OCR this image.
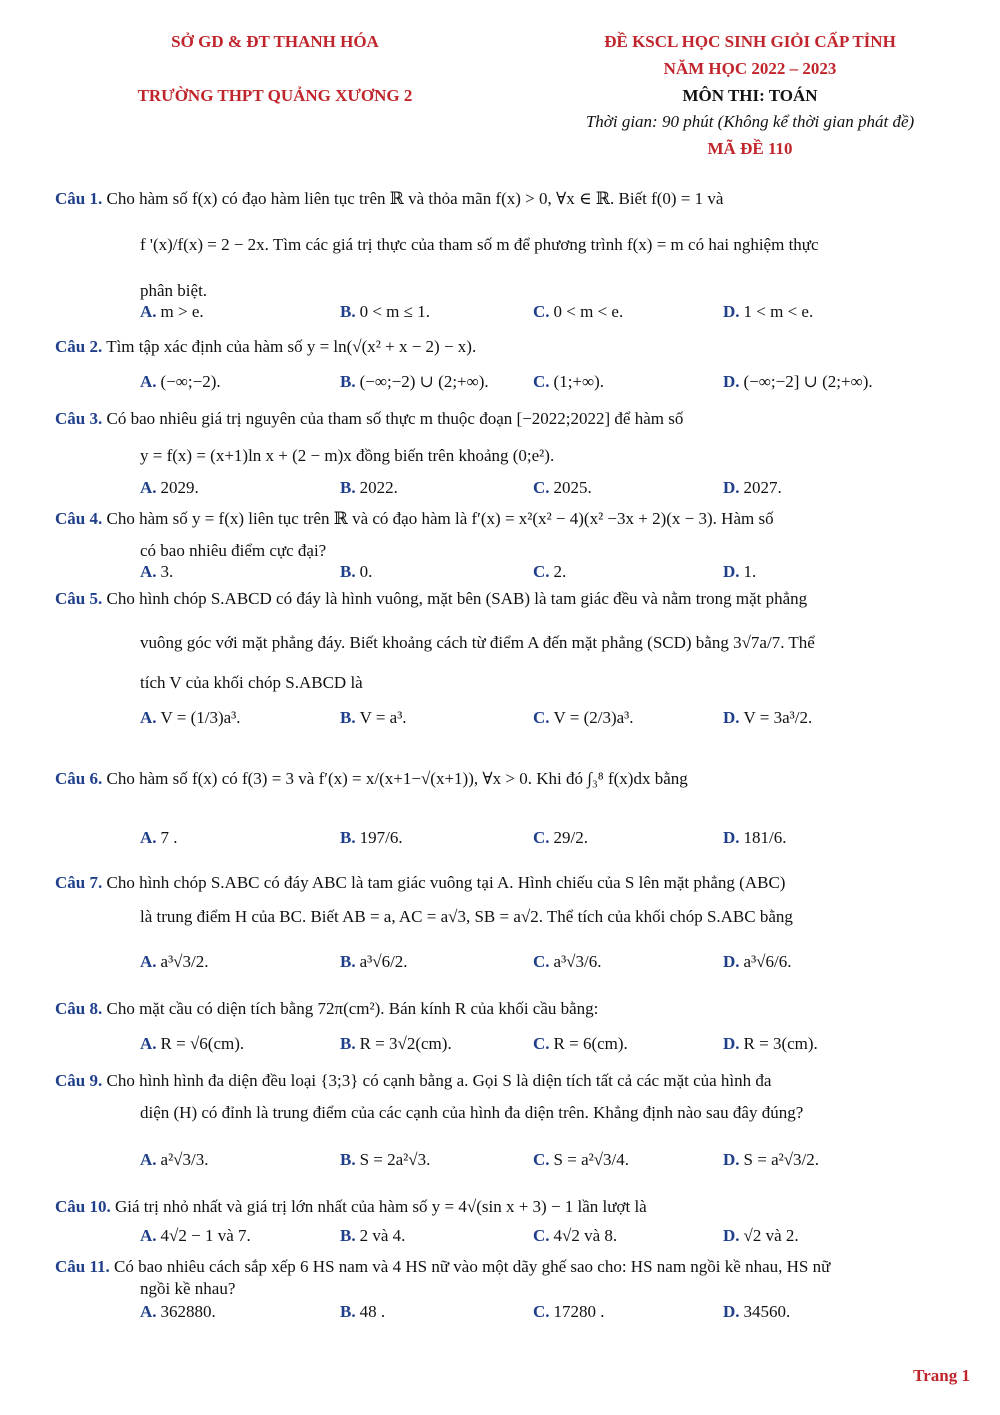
SỞ GD & ĐT THANH HÓA
TRƯỜNG THPT QUẢNG XƯƠNG 2
ĐỀ KSCL HỌC SINH GIỎI CẤP TỈNH
NĂM HỌC 2022 – 2023
MÔN THI: TOÁN
Thời gian: 90 phút (Không kể thời gian phát đề)
MÃ ĐỀ 110
Câu 1. Cho hàm số f(x) có đạo hàm liên tục trên ℝ và thỏa mãn f(x) > 0, ∀x ∈ ℝ. Biết f(0) = 1 và
f '(x)/f(x) = 2 − 2x. Tìm các giá trị thực của tham số m để phương trình f(x) = m có hai nghiệm thực
phân biệt.
A. m > e.	B. 0 < m ≤ 1.	C. 0 < m < e.	D. 1 < m < e.
Câu 2. Tìm tập xác định của hàm số y = ln(√(x² + x − 2) − x).
A. (−∞;−2).	B. (−∞;−2) ∪ (2;+∞).	C. (1;+∞).	D. (−∞;−2] ∪ (2;+∞).
Câu 3. Có bao nhiêu giá trị nguyên của tham số thực m thuộc đoạn [−2022;2022] để hàm số
y = f(x) = (x+1)ln x + (2 − m)x đồng biến trên khoảng (0;e²).
A. 2029.	B. 2022.	C. 2025.	D. 2027.
Câu 4. Cho hàm số y = f(x) liên tục trên ℝ và có đạo hàm là f′(x) = x²(x² − 4)(x² −3x + 2)(x − 3). Hàm số
có bao nhiêu điểm cực đại?
A. 3.	B. 0.	C. 2.	D. 1.
Câu 5. Cho hình chóp S.ABCD có đáy là hình vuông, mặt bên (SAB) là tam giác đều và nằm trong mặt phẳng
vuông góc với mặt phẳng đáy. Biết khoảng cách từ điểm A đến mặt phẳng (SCD) bằng 3√7a/7. Thể
tích V của khối chóp S.ABCD là
A. V = (1/3)a³.	B. V = a³.	C. V = (2/3)a³.	D. V = 3a³/2.
Câu 6. Cho hàm số f(x) có f(3) = 3 và f′(x) = x/(x+1−√(x+1)), ∀x > 0. Khi đó ∫₃⁸ f(x)dx bằng
A. 7 .	B. 197/6.	C. 29/2.	D. 181/6.
Câu 7. Cho hình chóp S.ABC có đáy ABC là tam giác vuông tại A. Hình chiếu của S lên mặt phẳng (ABC)
là trung điểm H của BC. Biết AB = a, AC = a√3, SB = a√2. Thể tích của khối chóp S.ABC bằng
A. a³√3/2.	B. a³√6/2.	C. a³√3/6.	D. a³√6/6.
Câu 8. Cho mặt cầu có diện tích bằng 72π(cm²). Bán kính R của khối cầu bằng:
A. R = √6(cm).	B. R = 3√2(cm).	C. R = 6(cm).	D. R = 3(cm).
Câu 9. Cho hình hình đa diện đều loại {3;3} có cạnh bằng a. Gọi S là diện tích tất cả các mặt của hình đa
diện (H) có đỉnh là trung điểm của các cạnh của hình đa diện trên. Khẳng định nào sau đây đúng?
A. a²√3/3.	B. S = 2a²√3.	C. S = a²√3/4.	D. S = a²√3/2.
Câu 10. Giá trị nhỏ nhất và giá trị lớn nhất của hàm số y = 4√(sin x + 3) − 1 lần lượt là
A. 4√2 − 1 và 7.	B. 2 và 4.	C. 4√2 và 8.	D. √2 và 2.
Câu 11. Có bao nhiêu cách sắp xếp 6 HS nam và 4 HS nữ vào một dãy ghế sao cho: HS nam ngồi kề nhau, HS nữ
ngồi kề nhau?
A. 362880.	B. 48 .	C. 17280 .	D. 34560.
Trang 1
